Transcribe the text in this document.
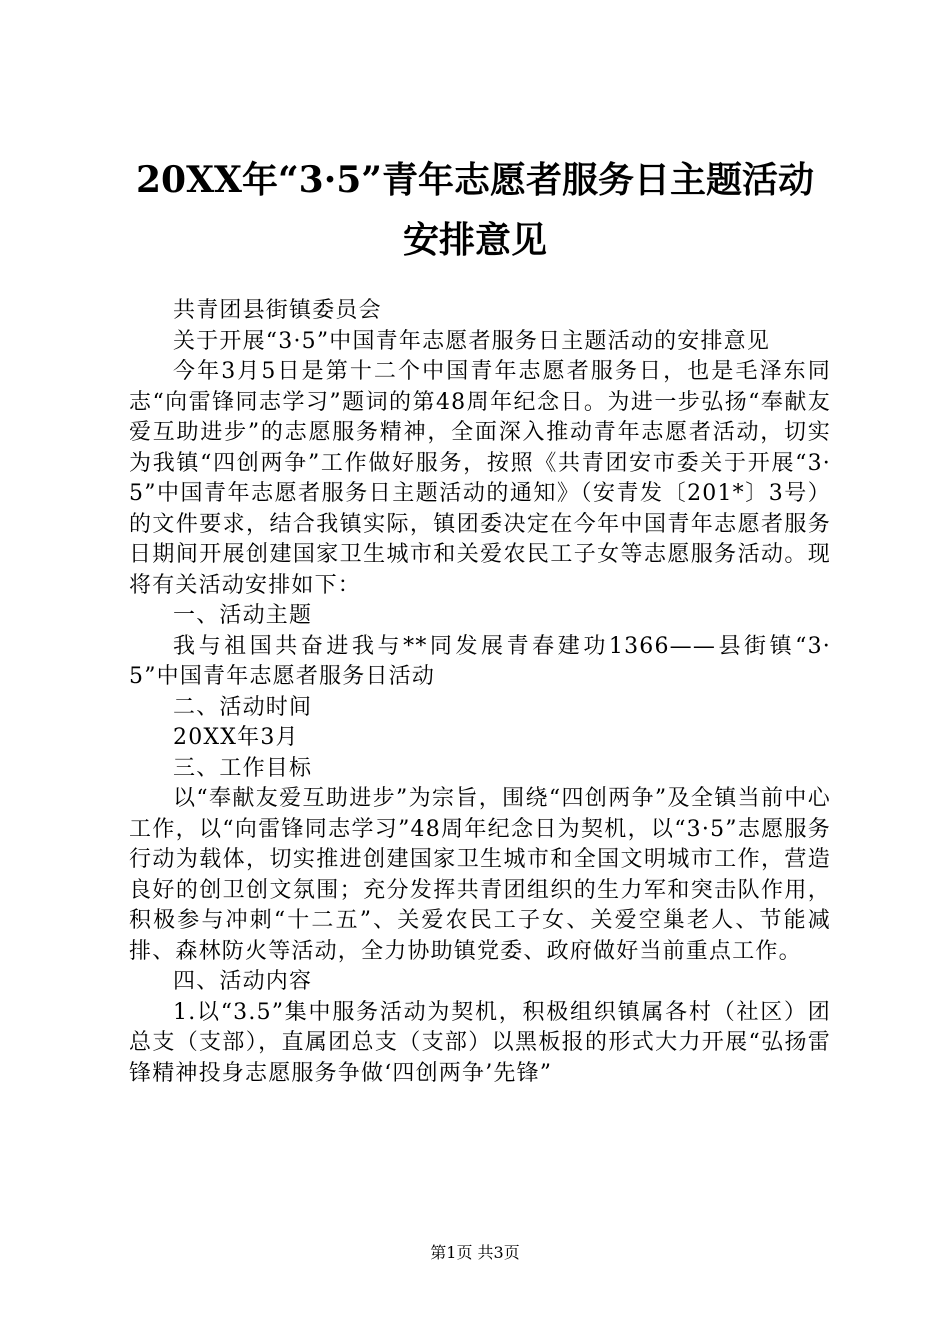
20XX年“3·5”青年志愿者服务日主题活动
安排意见

共青团县街镇委员会

关于开展“3·5”中国青年志愿者服务日主题活动的安排意见

今年3月5日是第十二个中国青年志愿者服务日，也是毛泽东同志“向雷锋同志学习”题词的第48周年纪念日。为进一步弘扬“奉献友爱互助进步”的志愿服务精神，全面深入推动青年志愿者活动，切实为我镇“四创两争”工作做好服务，按照《共青团安市委关于开展“3·5”中国青年志愿者服务日主题活动的通知》（安青发〔201*〕3号）的文件要求，结合我镇实际，镇团委决定在今年中国青年志愿者服务日期间开展创建国家卫生城市和关爱农民工子女等志愿服务活动。现将有关活动安排如下：

一、活动主题

我与祖国共奋进我与**同发展青春建功1366——县街镇“3·5”中国青年志愿者服务日活动

二、活动时间

20XX年3月

三、工作目标

以“奉献友爱互助进步”为宗旨，围绕“四创两争”及全镇当前中心工作，以“向雷锋同志学习”48周年纪念日为契机，以“3·5”志愿服务行动为载体，切实推进创建国家卫生城市和全国文明城市工作，营造良好的创卫创文氛围；充分发挥共青团组织的生力军和突击队作用，积极参与冲刺“十二五”、关爱农民工子女、关爱空巢老人、节能减排、森林防火等活动，全力协助镇党委、政府做好当前重点工作。

四、活动内容

1.以“3.5”集中服务活动为契机，积极组织镇属各村（社区）团总支（支部），直属团总支（支部）以黑板报的形式大力开展“弘扬雷锋精神投身志愿服务争做‘四创两争’先锋”

第1页 共3页
